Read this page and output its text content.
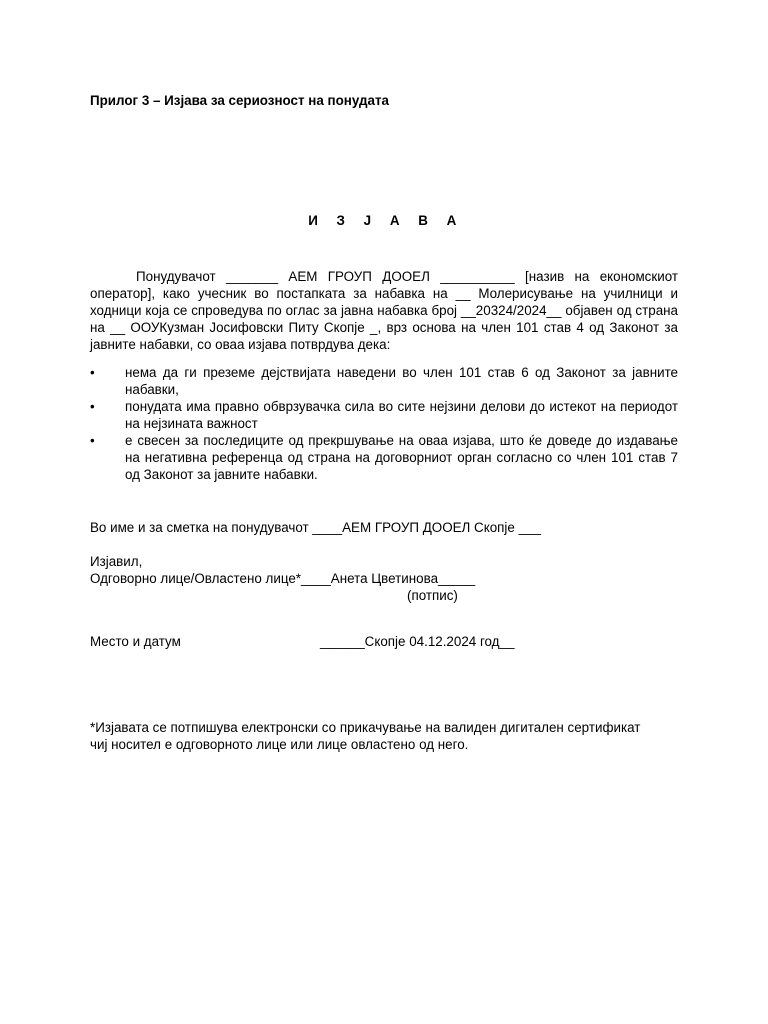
Прилог 3 – Изјава за сериозност на понудата
И З Ј А В А

Понудувачот _______ АЕМ ГРОУП ДООЕЛ __________ [назив на економскиот оператор], како учесник во постапката за набавка на __ Молерисување на училници и ходници која се спроведува по оглас за јавна набавка број __20324/2024__ објавен од страна на __ ООУКузман Јосифовски Питу Скопје _, врз основа на член 101 став 4 од Законот за јавните набавки, со оваа изјава потврдува дека:

• нема да ги преземе дејствијата наведени во член 101 став 6 од Законот за јавните набавки,
• понудата има правно обврзувачка сила во сите нејзини делови до истекот на периодот на нејзината важност
• е свесен за последиците од прекршување на оваа изјава, што ќе доведе до издавање на негативна референца од страна на договорниот орган согласно со член 101 став 7 од Законот за јавните набавки.
Во име и за сметка на понудувачот ____АЕМ ГРОУП ДООЕЛ Скопје ___
Изјавил,
Одговорно лице/Овластено лице*____Анета Цветинова_____
(потпис)
Место и датум	______Скопје 04.12.2024 год__

*Изјавата се потпишува електронски со прикачување на валиден дигитален сертификат
чиј носител е одговорното лице или лице овластено од него.
